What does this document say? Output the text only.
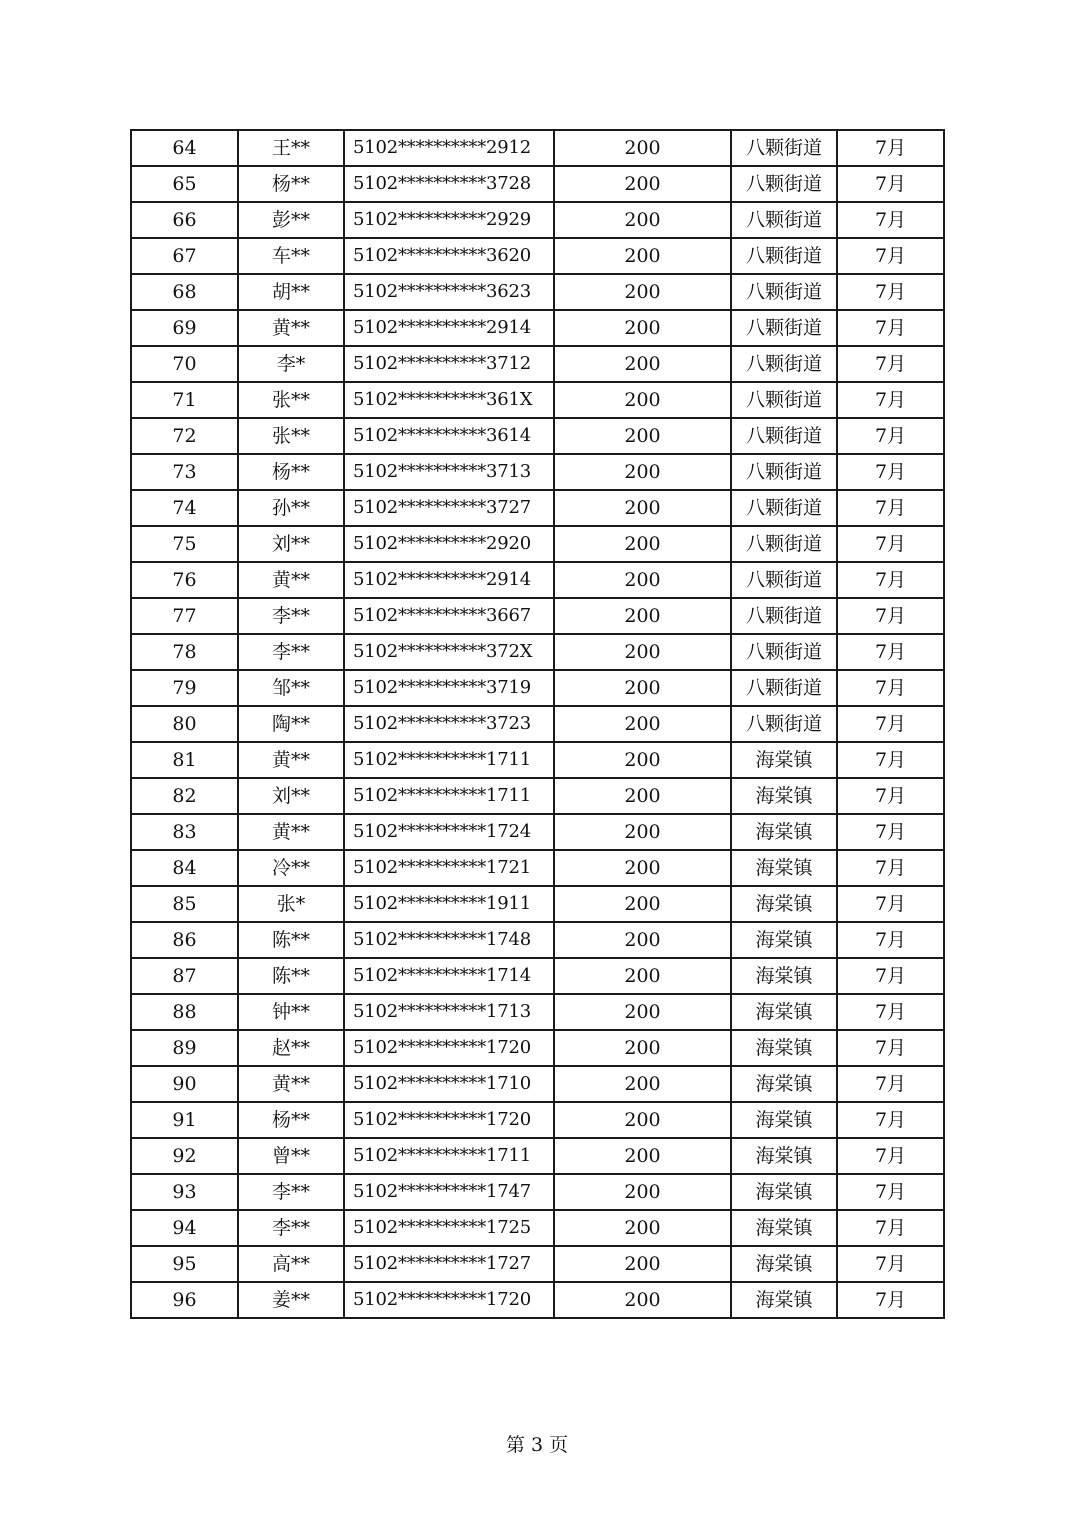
64	王**	5102**********2912	200	八颗街道	7月
65	杨**	5102**********3728	200	八颗街道	7月
66	彭**	5102**********2929	200	八颗街道	7月
67	车**	5102**********3620	200	八颗街道	7月
68	胡**	5102**********3623	200	八颗街道	7月
69	黄**	5102**********2914	200	八颗街道	7月
70	李*	5102**********3712	200	八颗街道	7月
71	张**	5102**********361X	200	八颗街道	7月
72	张**	5102**********3614	200	八颗街道	7月
73	杨**	5102**********3713	200	八颗街道	7月
74	孙**	5102**********3727	200	八颗街道	7月
75	刘**	5102**********2920	200	八颗街道	7月
76	黄**	5102**********2914	200	八颗街道	7月
77	李**	5102**********3667	200	八颗街道	7月
78	李**	5102**********372X	200	八颗街道	7月
79	邹**	5102**********3719	200	八颗街道	7月
80	陶**	5102**********3723	200	八颗街道	7月
81	黄**	5102**********1711	200	海棠镇	7月
82	刘**	5102**********1711	200	海棠镇	7月
83	黄**	5102**********1724	200	海棠镇	7月
84	冷**	5102**********1721	200	海棠镇	7月
85	张*	5102**********1911	200	海棠镇	7月
86	陈**	5102**********1748	200	海棠镇	7月
87	陈**	5102**********1714	200	海棠镇	7月
88	钟**	5102**********1713	200	海棠镇	7月
89	赵**	5102**********1720	200	海棠镇	7月
90	黄**	5102**********1710	200	海棠镇	7月
91	杨**	5102**********1720	200	海棠镇	7月
92	曾**	5102**********1711	200	海棠镇	7月
93	李**	5102**********1747	200	海棠镇	7月
94	李**	5102**********1725	200	海棠镇	7月
95	高**	5102**********1727	200	海棠镇	7月
96	姜**	5102**********1720	200	海棠镇	7月
第 3 页
